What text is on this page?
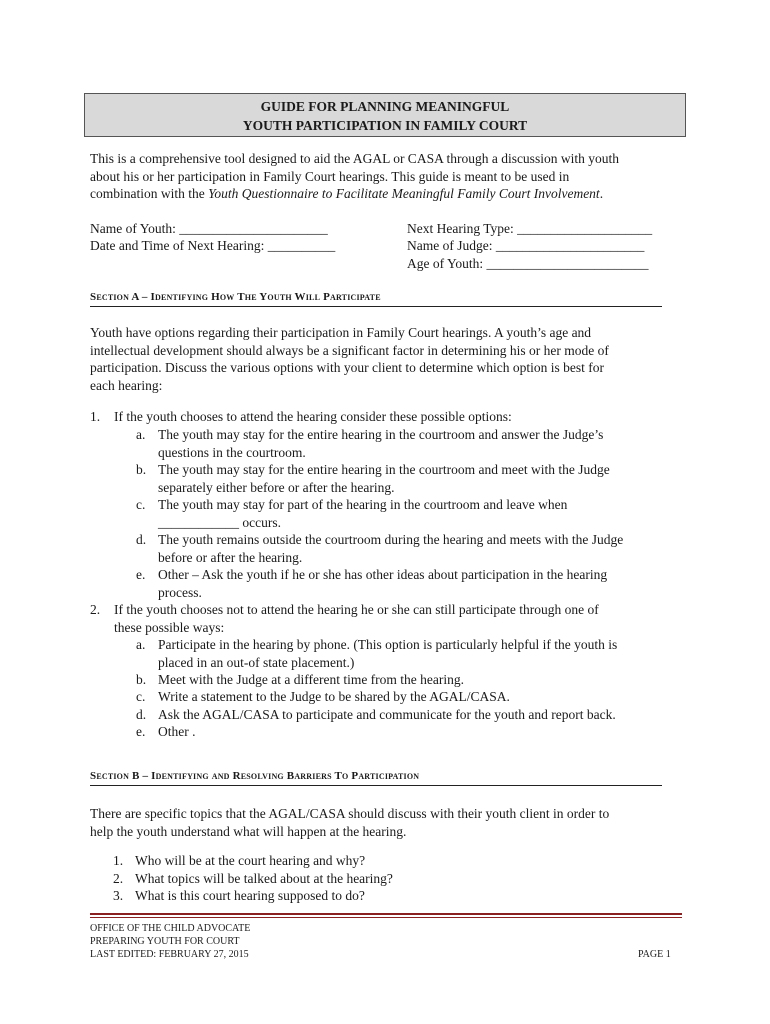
GUIDE FOR PLANNING MEANINGFUL
YOUTH PARTICIPATION IN FAMILY COURT
This is a comprehensive tool designed to aid the AGAL or CASA through a discussion with youth
about his or her participation in Family Court hearings. This guide is meant to be used in
combination with the Youth Questionnaire to Facilitate Meaningful Family Court Involvement.
Name of Youth: ______________________
Date and Time of Next Hearing: __________
Next Hearing Type: ____________________
Name of Judge: ______________________
Age of Youth: ________________________
Section A – Identifying How The Youth Will Participate
Youth have options regarding their participation in Family Court hearings. A youth’s age and
intellectual development should always be a significant factor in determining his or her mode of
participation. Discuss the various options with your client to determine which option is best for
each hearing:
1. If the youth chooses to attend the hearing consider these possible options:
a. The youth may stay for the entire hearing in the courtroom and answer the Judge’s
questions in the courtroom.
b. The youth may stay for the entire hearing in the courtroom and meet with the Judge
separately either before or after the hearing.
c. The youth may stay for part of the hearing in the courtroom and leave when
____________ occurs.
d. The youth remains outside the courtroom during the hearing and meets with the Judge
before or after the hearing.
e. Other – Ask the youth if he or she has other ideas about participation in the hearing
process.
2. If the youth chooses not to attend the hearing he or she can still participate through one of
these possible ways:
a. Participate in the hearing by phone. (This option is particularly helpful if the youth is
placed in an out-of state placement.)
b. Meet with the Judge at a different time from the hearing.
c. Write a statement to the Judge to be shared by the AGAL/CASA.
d. Ask the AGAL/CASA to participate and communicate for the youth and report back.
e. Other .
Section B – Identifying and Resolving Barriers To Participation
There are specific topics that the AGAL/CASA should discuss with their youth client in order to
help the youth understand what will happen at the hearing.
1. Who will be at the court hearing and why?
2. What topics will be talked about at the hearing?
3. What is this court hearing supposed to do?
OFFICE OF THE CHILD ADVOCATE
PREPARING YOUTH FOR COURT
LAST EDITED: FEBRUARY 27, 2015	PAGE 1
